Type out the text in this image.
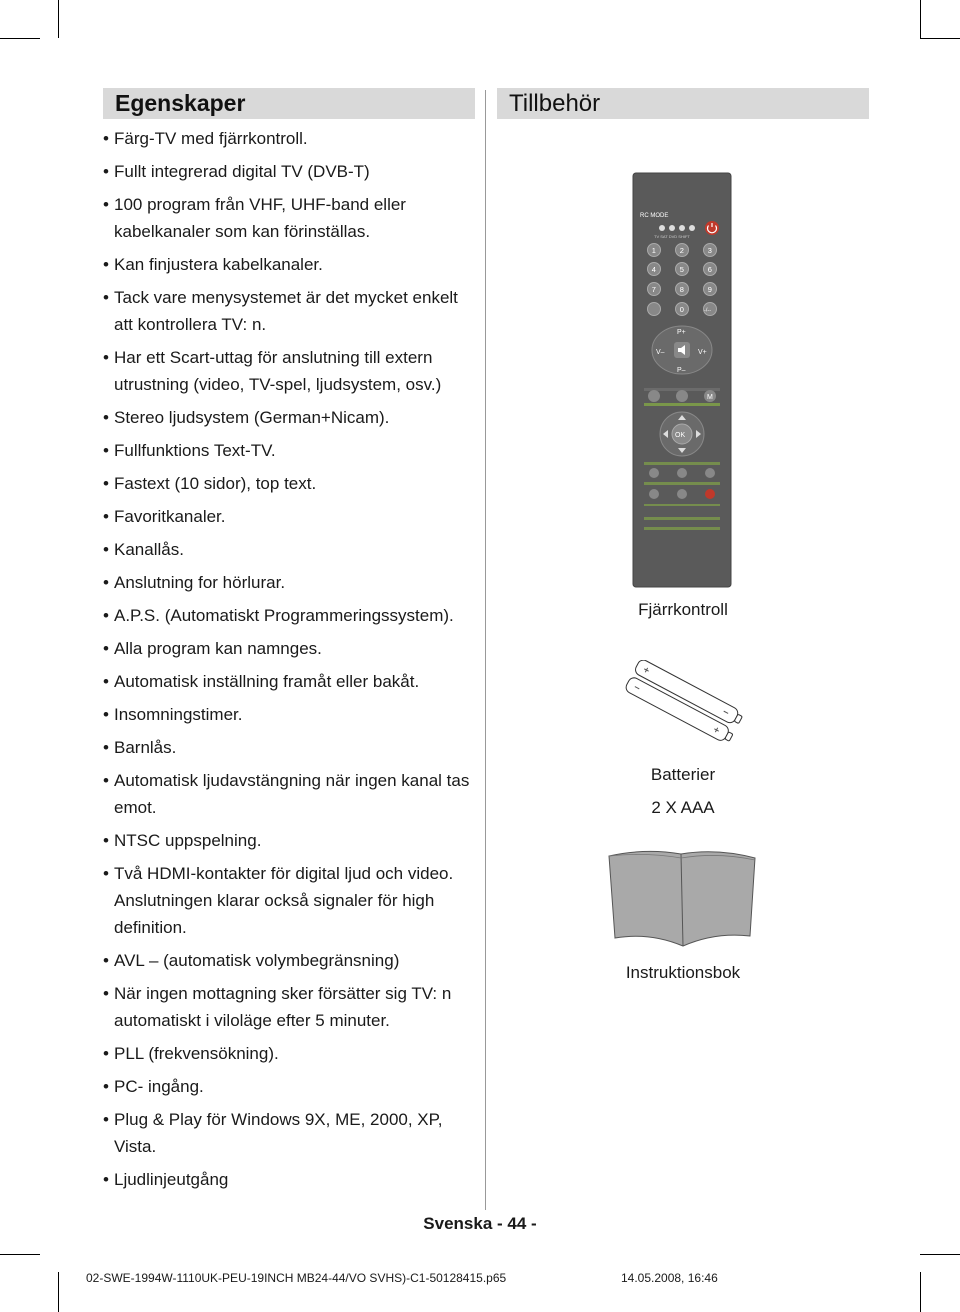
Egenskaper
• Färg-TV med fjärrkontroll.
• Fullt integrerad digital TV (DVB-T)
• 100 program från VHF, UHF-band eller kabelkanaler som kan förinställas.
• Kan finjustera kabelkanaler.
• Tack vare menysystemet är det mycket enkelt att kontrollera TV: n.
• Har ett Scart-uttag för anslutning till extern utrustning (video, TV-spel, ljudsystem, osv.)
• Stereo ljudsystem (German+Nicam).
• Fullfunktions Text-TV.
• Fastext (10 sidor), top text.
• Favoritkanaler.
• Kanallås.
• Anslutning for hörlurar.
• A.P.S. (Automatiskt Programmeringssystem).
• Alla program kan namnges.
• Automatisk inställning framåt eller bakåt.
• Insomningstimer.
• Barnlås.
• Automatisk ljudavstängning när ingen kanal tas emot.
• NTSC uppspelning.
• Två HDMI-kontakter för digital ljud och video. Anslutningen klarar också signaler för high definition.
• AVL – (automatisk volymbegränsning)
• När ingen mottagning sker försätter sig TV: n automatiskt i viloläge efter 5 minuter.
• PLL (frekvensökning).
• PC- ingång.
• Plug & Play för Windows 9X, ME, 2000, XP, Vista.
• Ljudlinjeutgång
Tillbehör
RC MODE
TV SAT DVD SHIFT
1	2	3
4	5	6
7	8	9
0	-/--
P+
P–
V–	V+
M
OK
Fjärrkontroll
Batterier
2 X AAA
Instruktionsbok
Svenska - 44 -
02-SWE-1994W-1110UK-PEU-19INCH MB24-44/VO SVHS)-C1-50128415.p65	14.05.2008, 16:46
